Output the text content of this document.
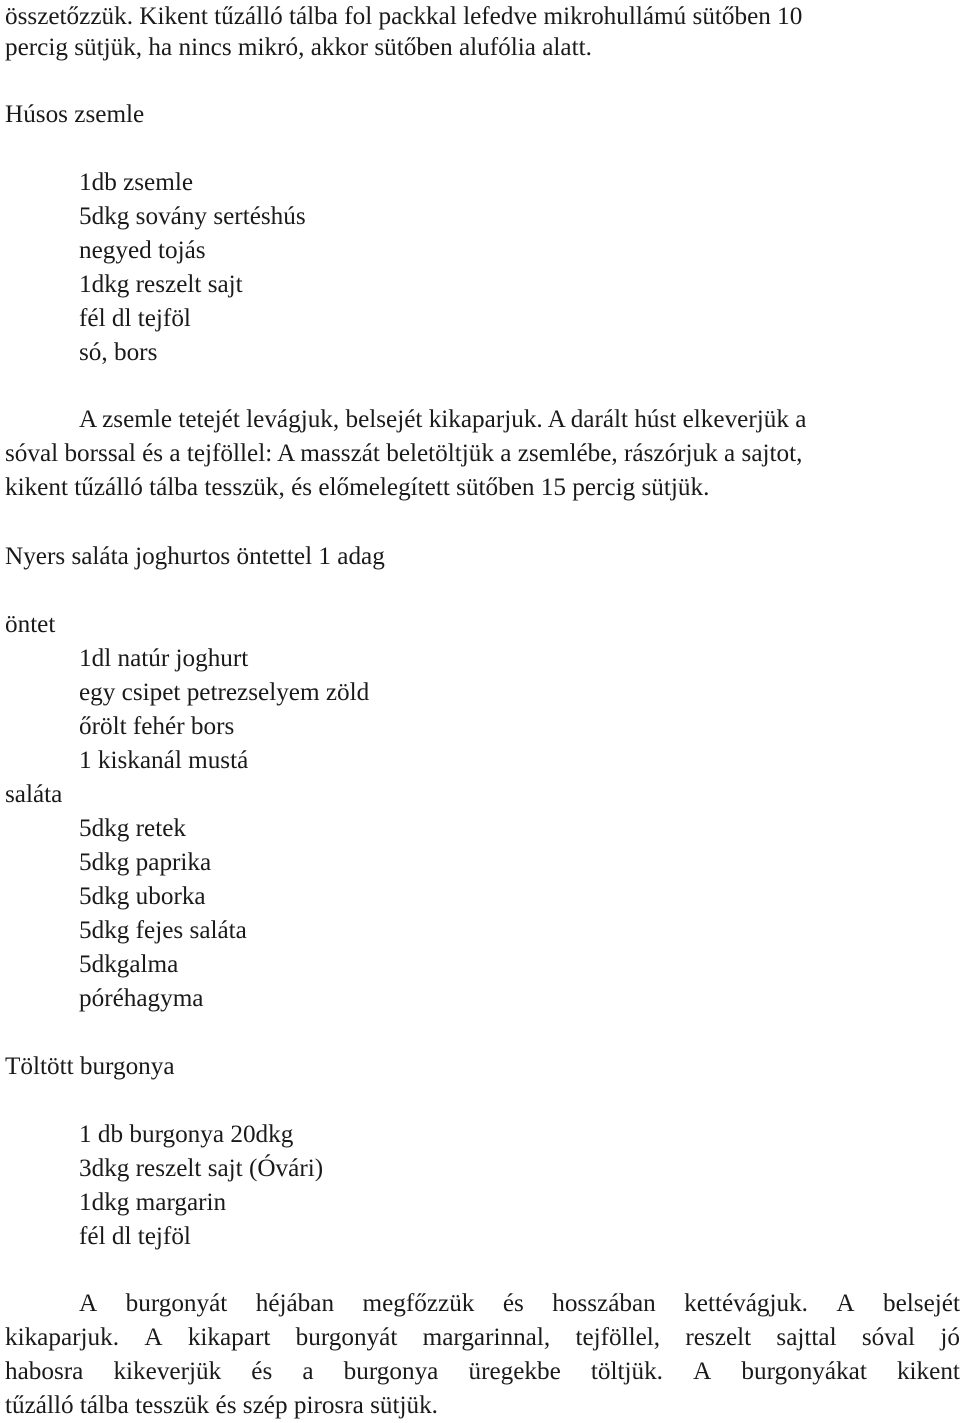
összetőzzük. Kikent tűzálló tálba fol packkal lefedve mikrohullámú sütőben 10
percig sütjük, ha nincs mikró, akkor sütőben alufólia alatt.
Húsos zsemle
1db zsemle
5dkg sovány sertéshús
negyed tojás
1dkg reszelt sajt
fél dl tejföl
só, bors
A zsemle tetejét levágjuk, belsejét kikaparjuk. A darált húst elkeverjük a
sóval borssal és a tejföllel: A masszát beletöltjük a zsemlébe, rászórjuk a sajtot,
kikent tűzálló tálba tesszük, és előmelegített sütőben 15 percig sütjük.
Nyers saláta joghurtos öntettel 1 adag
öntet
1dl natúr joghurt
egy csipet petrezselyem zöld
őrölt fehér bors
1 kiskanál mustá
saláta
5dkg retek
5dkg paprika
5dkg uborka
5dkg fejes saláta
5dkgalma
póréhagyma
Töltött burgonya
1 db burgonya 20dkg
3dkg reszelt sajt (Óvári)
1dkg margarin
fél dl tejföl
A burgonyát héjában megfőzzük és hosszában kettévágjuk. A belsejét
kikaparjuk. A kikapart burgonyát margarinnal, tejföllel, reszelt sajttal sóval jó
habosra kikeverjük és a burgonya üregekbe töltjük. A burgonyákat kikent
tűzálló tálba tesszük és szép pirosra sütjük.
